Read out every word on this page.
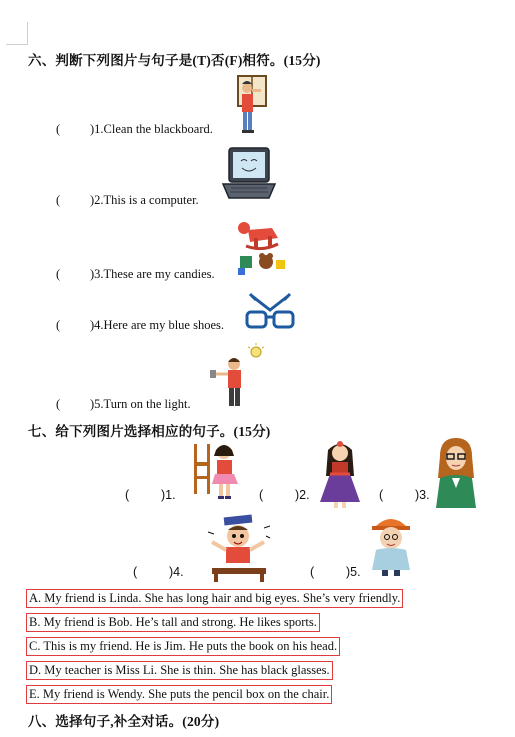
六、判断下列图片与句子是(T)否(F)相符。(15分)
( )1.Clean the blackboard.
( )2.This is a computer.
( )3.These are my candies.
( )4.Here are my blue shoes.
( )5.Turn on the light.
七、给下列图片选择相应的句子。(15分)
(	)1.	(	)2.	(	)3.
(	)4.	(	)5.
A. My friend is Linda. She has long hair and big eyes. She’s very friendly.
B. My friend is Bob. He’s tall and strong. He likes sports.
C. This is my friend. He is Jim. He puts the book on his head.
D. My teacher is Miss Li. She is thin. She has black glasses.
E. My friend is Wendy. She puts the pencil box on the chair.
八、选择句子,补全对话。(20分)
